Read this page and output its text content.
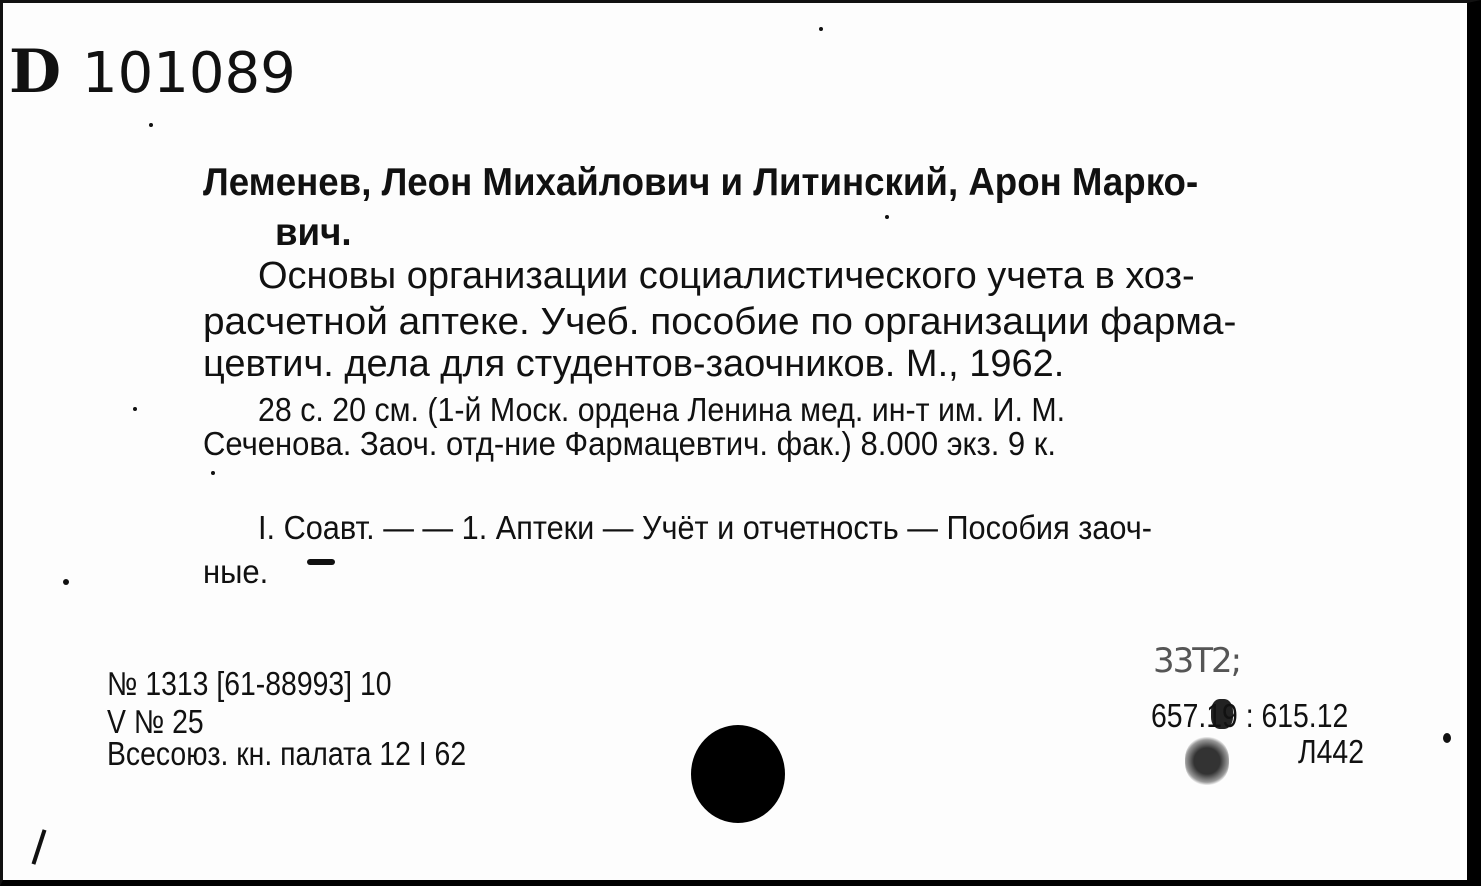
D 101089
Леменев, Леон Михайлович и Литинский, Арон Марко-
вич.
Основы организации социалистического учета в хоз-
расчетной аптеке. Учеб. пособие по организации фарма-
цевтич. дела для студентов-заочников. М., 1962.
28 с. 20 см. (1-й Моск. ордена Ленина мед. ин-т им. И. М.
Сеченова. Заоч. отд-ние Фармацевтич. фак.) 8.000 экз. 9 к.
I. Соавт. — — 1. Аптеки — Учёт и отчетность — Пособия заоч-
ные.
№ 1313 [61-88993] 10
V № 25
Всесоюз. кн. палата 12 I 62
33Т2;
657.19 : 615.12
Л442
